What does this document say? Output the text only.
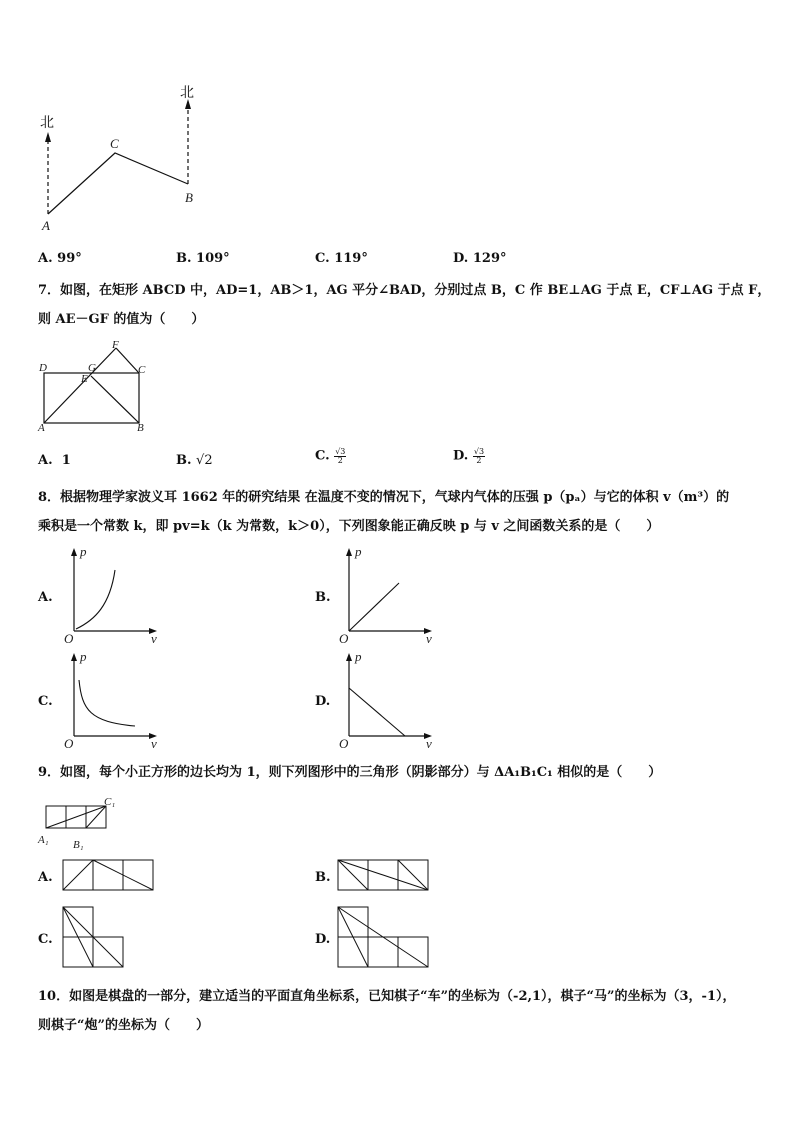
北
北
A
C
B
A. 99°	B. 109°	C. 119°	D. 129°
7．如图，在矩形 ABCD 中，AD=1，AB＞1，AG 平分∠BAD，分别过点 B，C 作 BE⊥AG 于点 E，CF⊥AG 于点 F，
则 AE－GF 的值为（　　）
D	C
A	B
G
E
F
A. 1	B. √2	C. $\frac{√3}{2}$	D. $\frac{√3}{2}$
8．根据物理学家波义耳 1662 年的研究结果 在温度不变的情况下，气球内气体的压强 p（pₐ）与它的体积 v（m³）的
乘积是一个常数 k，即 pv=k（k 为常数，k＞0），下列图象能正确反映 p 与 v 之间函数关系的是（　　）
A.
p
v
O
B.
p
v
O
C.
p
v
O
D.
p
v
O
9．如图，每个小正方形的边长均为 1，则下列图形中的三角形（阴影部分）与 ΔA₁B₁C₁ 相似的是（　　）
C₁
A₁ B₁
A.	B.
C.	D.
10．如图是棋盘的一部分，建立适当的平面直角坐标系，已知棋子“车”的坐标为（-2,1），棋子“马”的坐标为（3，-1），
则棋子“炮”的坐标为（　　）
